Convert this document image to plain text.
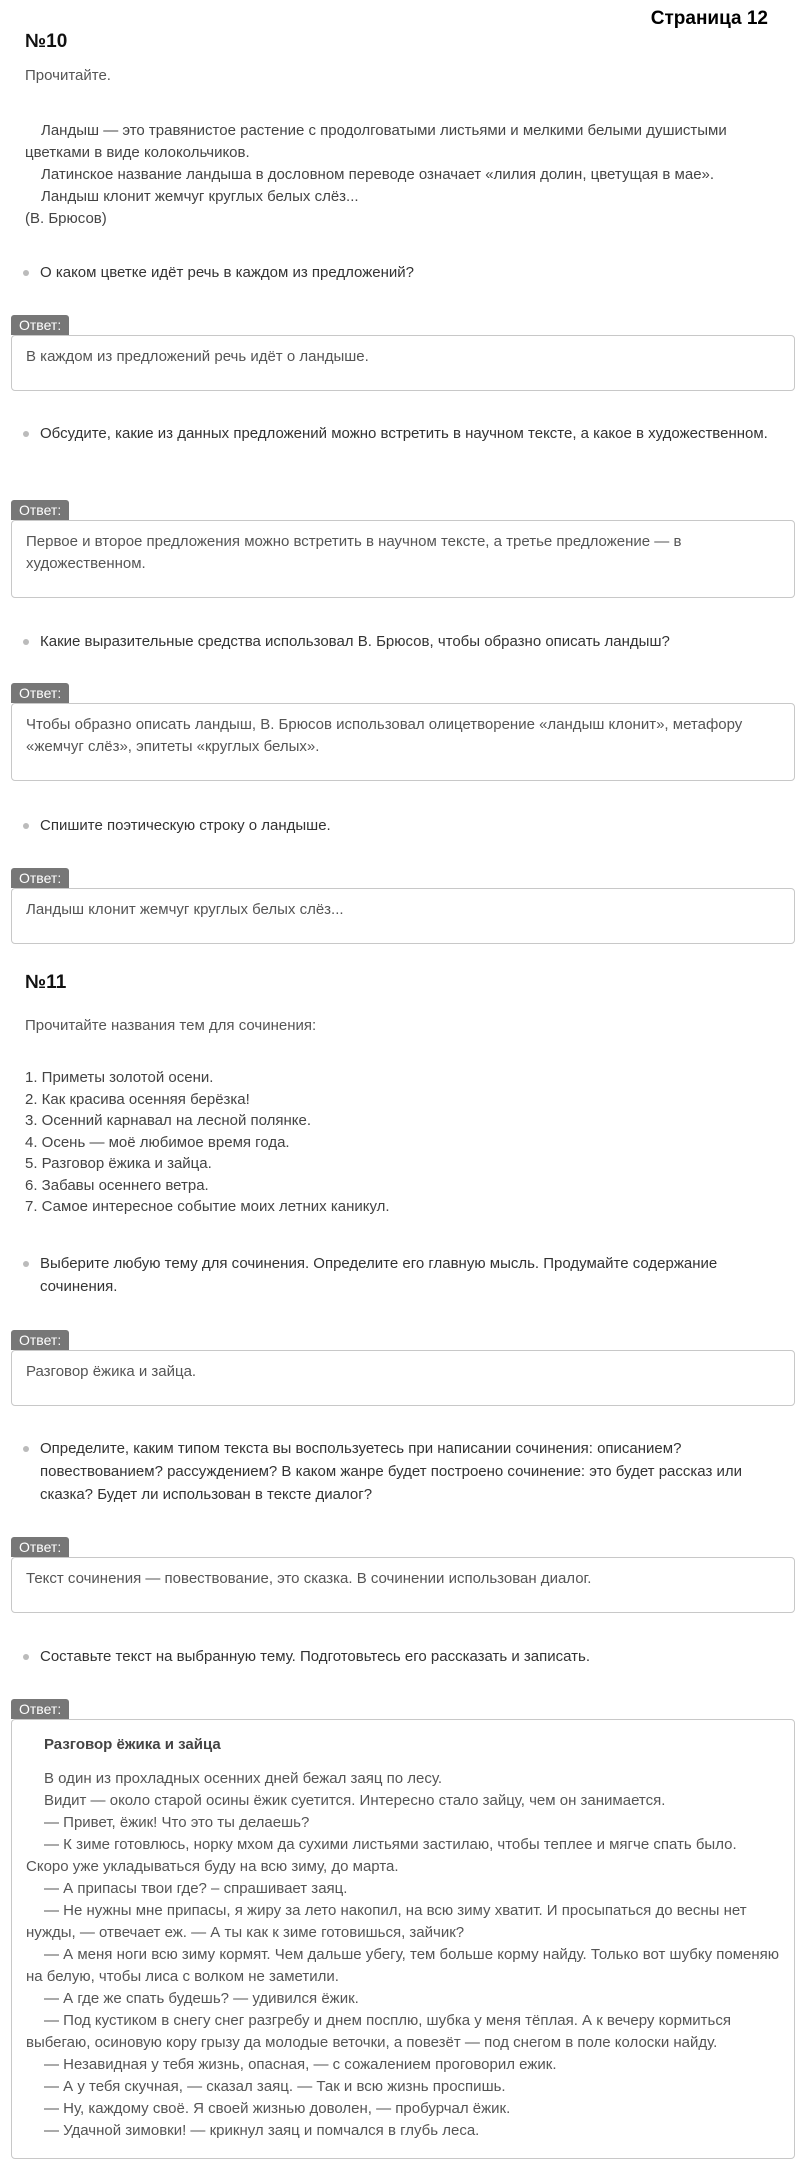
Страница 12
№10
Прочитайте.
Ландыш — это травянистое растение с продолговатыми листьями и мелкими белыми душистыми цветками в виде колокольчиков.
Латинское название ландыша в дословном переводе означает «лилия долин, цветущая в мае».
Ландыш клонит жемчуг круглых белых слёз...
(В. Брюсов)
О каком цветке идёт речь в каждом из предложений?
Ответ:
В каждом из предложений речь идёт о ландыше.
Обсудите, какие из данных предложений можно встретить в научном тексте, а какое в художественном.
Ответ:
Первое и второе предложения можно встретить в научном тексте, а третье предложение — в художественном.
Какие выразительные средства использовал В. Брюсов, чтобы образно описать ландыш?
Ответ:
Чтобы образно описать ландыш, В. Брюсов использовал олицетворение «ландыш клонит», метафору «жемчуг слёз», эпитеты «круглых белых».
Спишите поэтическую строку о ландыше.
Ответ:
Ландыш клонит жемчуг круглых белых слёз...
№11
Прочитайте названия тем для сочинения:
1. Приметы золотой осени.
2. Как красива осенняя берёзка!
3. Осенний карнавал на лесной полянке.
4. Осень — моё любимое время года.
5. Разговор ёжика и зайца.
6. Забавы осеннего ветра.
7. Самое интересное событие моих летних каникул.
Выберите любую тему для сочинения. Определите его главную мысль. Продумайте содержание сочинения.
Ответ:
Разговор ёжика и зайца.
Определите, каким типом текста вы воспользуетесь при написании сочинения: описанием? повествованием? рассуждением? В каком жанре будет построено сочинение: это будет рассказ или сказка? Будет ли использован в тексте диалог?
Ответ:
Текст сочинения — повествование, это сказка. В сочинении использован диалог.
Составьте текст на выбранную тему. Подготовьтесь его рассказать и записать.
Ответ:
Разговор ёжика и зайца
В один из прохладных осенних дней бежал заяц по лесу.
Видит — около старой осины ёжик суетится. Интересно стало зайцу, чем он занимается.
— Привет, ёжик! Что это ты делаешь?
— К зиме готовлюсь, норку мхом да сухими листьями застилаю, чтобы теплее и мягче спать было. Скоро уже укладываться буду на всю зиму, до марта.
— А припасы твои где? – спрашивает заяц.
— Не нужны мне припасы, я жиру за лето накопил, на всю зиму хватит. И просыпаться до весны нет нужды, — отвечает еж. — А ты как к зиме готовишься, зайчик?
— А меня ноги всю зиму кормят. Чем дальше убегу, тем больше корму найду. Только вот шубку поменяю на белую, чтобы лиса с волком не заметили.
— А где же спать будешь? — удивился ёжик.
— Под кустиком в снегу снег разгребу и днем посплю, шубка у меня тёплая. А к вечеру кормиться выбегаю, осиновую кору грызу да молодые веточки, а повезёт — под снегом в поле колоски найду.
— Незавидная у тебя жизнь, опасная, — с сожалением проговорил ежик.
— А у тебя скучная, — сказал заяц. — Так и всю жизнь проспишь.
— Ну, каждому своё. Я своей жизнью доволен, — пробурчал ёжик.
— Удачной зимовки! — крикнул заяц и помчался в глубь леса.
